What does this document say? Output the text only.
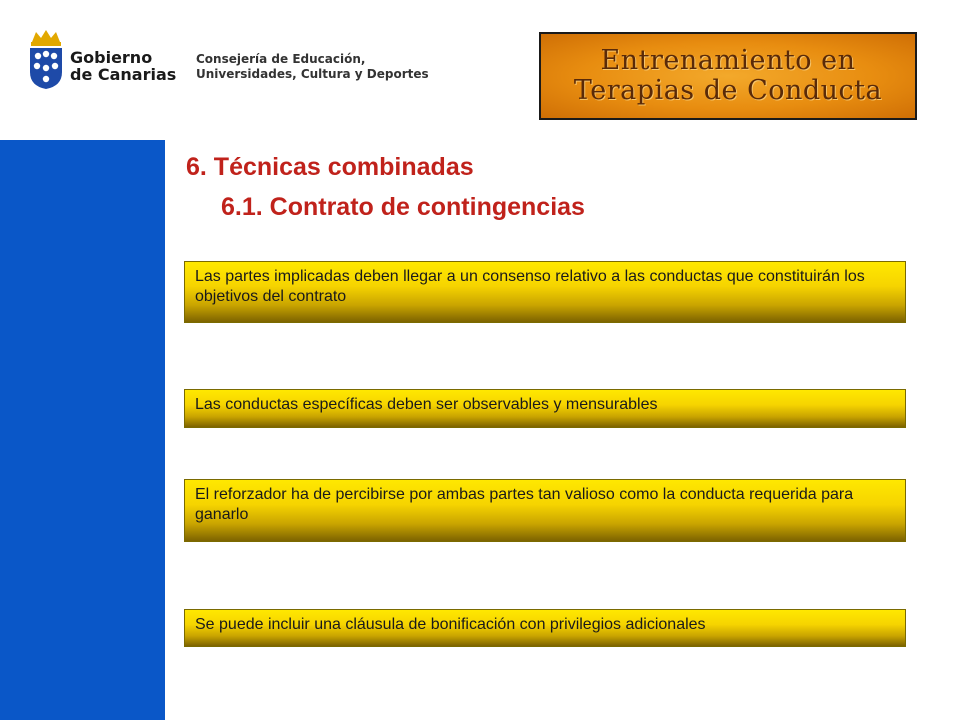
Gobierno
de Canarias
Consejería de Educación,
Universidades, Cultura y Deportes	Entrenamiento en
Terapias de Conducta
6. Técnicas combinadas
6.1. Contrato de contingencias
Las partes implicadas deben llegar a un consenso relativo a las conductas que constituirán los objetivos del contrato
Las conductas específicas deben ser observables y mensurables
El reforzador ha de percibirse por ambas partes tan valioso como la conducta requerida para ganarlo
Se puede incluir una cláusula de bonificación con privilegios adicionales
